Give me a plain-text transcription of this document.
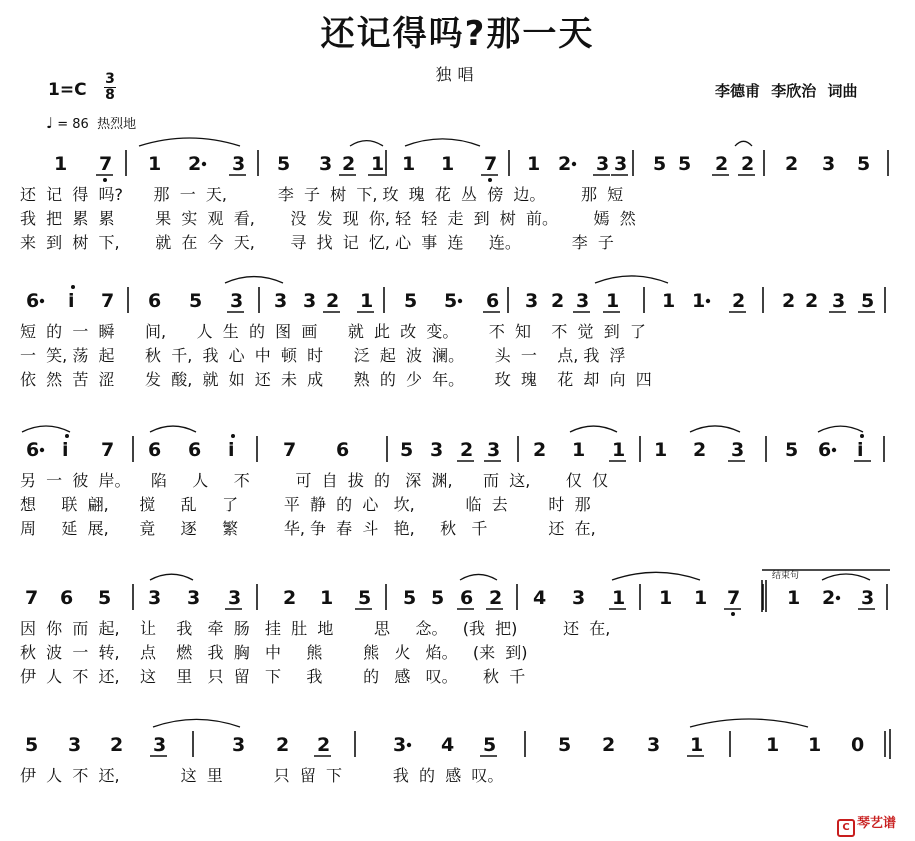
还记得吗?那一天
独唱
1=C
3
8
♩ = 86 热烈地
李德甫 李欣治 词曲
结束句
1 7 1 2 3 5 3 2 1 1 1 7 1 2 3 3 5 5 2 2 2 3 5
还  记  得  吗?      那  一  天,          李  子  树  下, 玫  瑰  花  丛  傍  边。       那  短
我  把  累  累        果  实  观  看,       没  发  现  你, 轻  轻  走  到  树  前。       嫣  然
来  到  树  下,       就  在  今  天,       寻  找  记  忆, 心  事  连     连。          李  子
6 i 7 6 5 3 3 3 2 1 5 5 6 3 2 3 1 1 1 2 2 2 3 5
短  的  一  瞬      间,      人  生  的  图  画      就  此  改  变。      不  知    不  觉  到  了
一  笑, 荡  起      秋  千,  我  心  中  顿  时      泛  起  波  澜。      头  一    点, 我  浮
依  然  苦  涩      发  酸,  就  如  还  未  成      熟  的  少  年。      玫  瑰    花  却  向  四
6 i 7 6 6 i	7 6	5 3 2 3 2 1 1 1 2 3 5 6 i
另  一  彼  岸。    陷     人     不         可  自  拔  的   深  渊,      而  这,       仅  仅
想     联  翩,      搅     乱     了         平  静  的  心   坎,          临  去        时  那
周     延  展,      竟     逐     繁         华, 争  春  斗   艳,     秋   千            还  在,
7 6 5 3 3 3 2 1 5 5 5 6 2 4 3 1 1 1 7 1 2 3
因  你  而  起,    让    我   牵  肠   挂  肚  地        思     念。   (我  把)         还  在,
秋  波  一  转,    点    燃   我  胸   中     熊        熊   火   焰。   (来  到)
伊  人  不  还,    这    里   只  留   下     我        的   感   叹。     秋  千
5 3 2 3	3 2 2	3 4 5	5 2 3 1	1 1 0
伊  人  不  还,            这  里          只  留  下          我  的  感  叹。
C 琴艺谱
